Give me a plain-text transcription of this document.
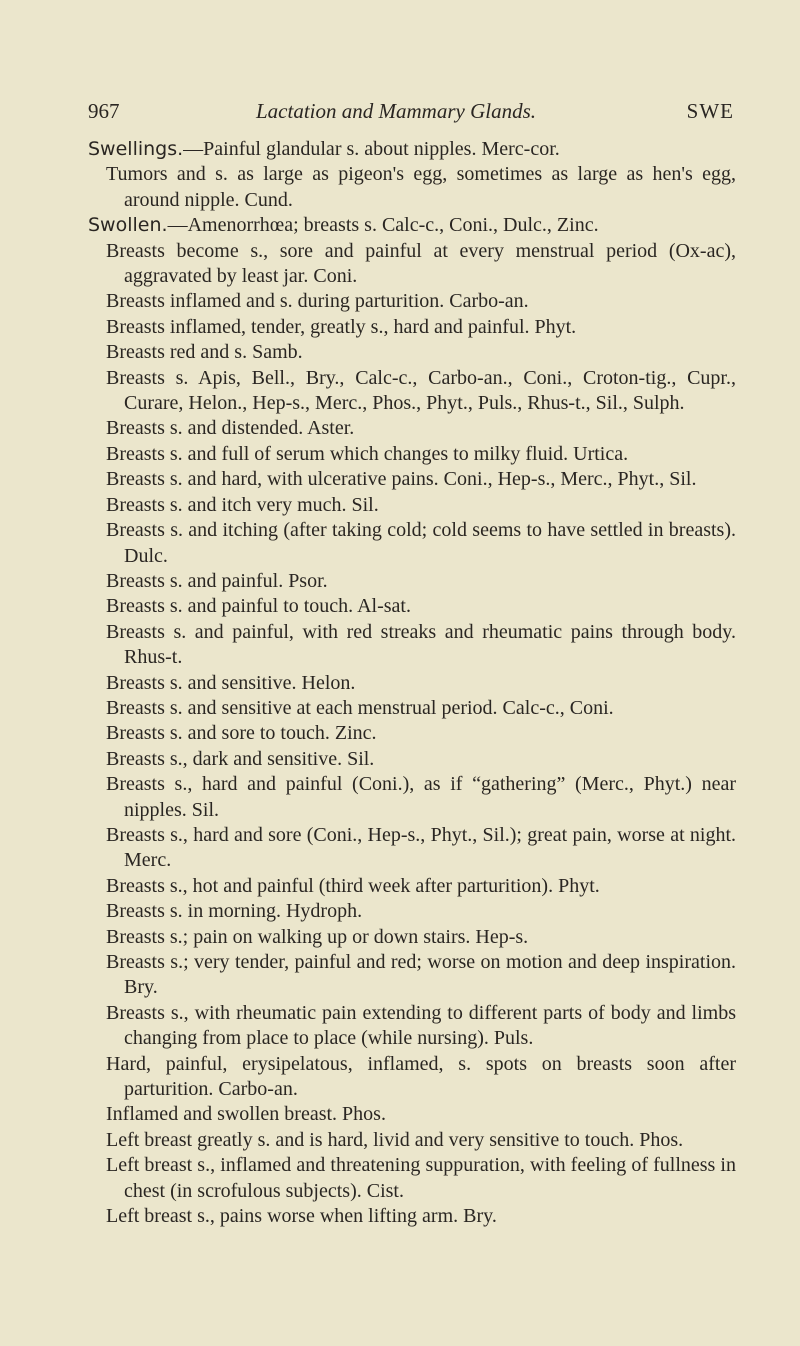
967	Lactation and Mammary Glands.	SWE

Swellings.—Painful glandular s. about nipples. Merc-cor.

Tumors and s. as large as pigeon's egg, sometimes as large as hen's egg, around nipple. Cund.

Swollen.—Amenorrhœa; breasts s. Calc-c., Coni., Dulc., Zinc.

Breasts become s., sore and painful at every menstrual period (Ox-ac), aggravated by least jar. Coni.

Breasts inflamed and s. during parturition. Carbo-an.

Breasts inflamed, tender, greatly s., hard and painful. Phyt.

Breasts red and s. Samb.

Breasts s. Apis, Bell., Bry., Calc-c., Carbo-an., Coni., Croton-tig., Cupr., Curare, Helon., Hep-s., Merc., Phos., Phyt., Puls., Rhus-t., Sil., Sulph.

Breasts s. and distended. Aster.

Breasts s. and full of serum which changes to milky fluid. Urtica.

Breasts s. and hard, with ulcerative pains. Coni., Hep-s., Merc., Phyt., Sil.

Breasts s. and itch very much. Sil.

Breasts s. and itching (after taking cold; cold seems to have settled in breasts). Dulc.

Breasts s. and painful. Psor.

Breasts s. and painful to touch. Al-sat.

Breasts s. and painful, with red streaks and rheumatic pains through body. Rhus-t.

Breasts s. and sensitive. Helon.

Breasts s. and sensitive at each menstrual period. Calc-c., Coni.

Breasts s. and sore to touch. Zinc.

Breasts s., dark and sensitive. Sil.

Breasts s., hard and painful (Coni.), as if “gathering” (Merc., Phyt.) near nipples. Sil.

Breasts s., hard and sore (Coni., Hep-s., Phyt., Sil.); great pain, worse at night. Merc.

Breasts s., hot and painful (third week after parturition). Phyt.

Breasts s. in morning. Hydroph.

Breasts s.; pain on walking up or down stairs. Hep-s.

Breasts s.; very tender, painful and red; worse on motion and deep inspiration. Bry.

Breasts s., with rheumatic pain extending to different parts of body and limbs changing from place to place (while nursing). Puls.

Hard, painful, erysipelatous, inflamed, s. spots on breasts soon after parturition. Carbo-an.

Inflamed and swollen breast. Phos.

Left breast greatly s. and is hard, livid and very sensitive to touch. Phos.

Left breast s., inflamed and threatening suppuration, with feeling of fullness in chest (in scrofulous subjects). Cist.

Left breast s., pains worse when lifting arm. Bry.
